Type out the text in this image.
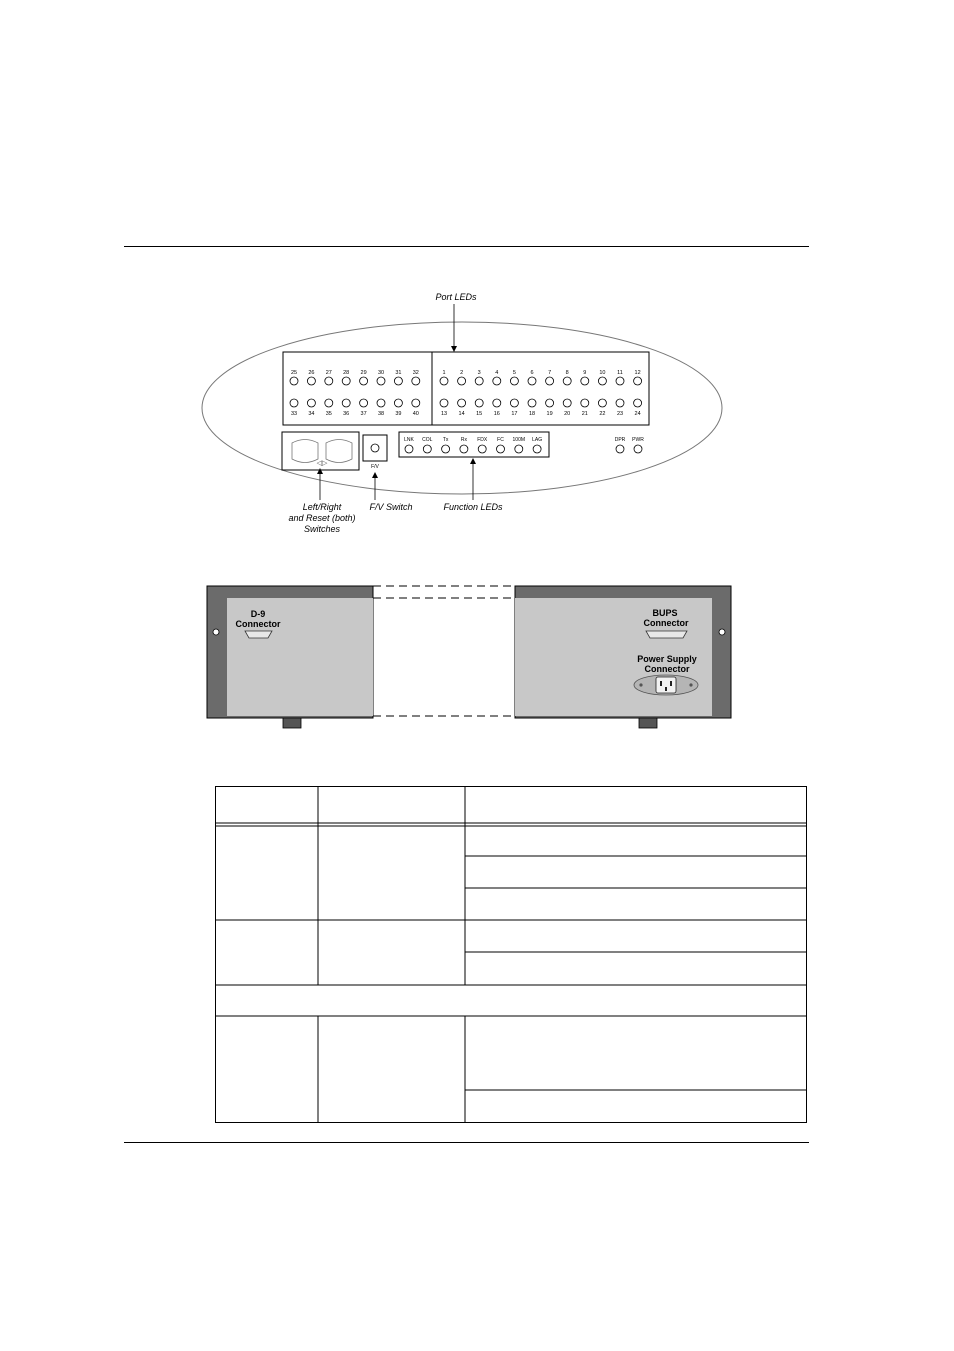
Port LEDs
25 26 27 28 29 30 31 32
33 34 35 36 37 38 39 40
1	2	3	4	5	6	7	8	9 10 11 12
13 14 15 16 17 18 19 20 21 22 23 24
◁▷	F/V
LNK COL Tx Rx FDX FC 100M LAG	DPR PWR
Left/Right
and Reset (both)
Switches
F/V Switch	Function LEDs
D-9
Connector
BUPS
Connector
Power Supply
Connector
